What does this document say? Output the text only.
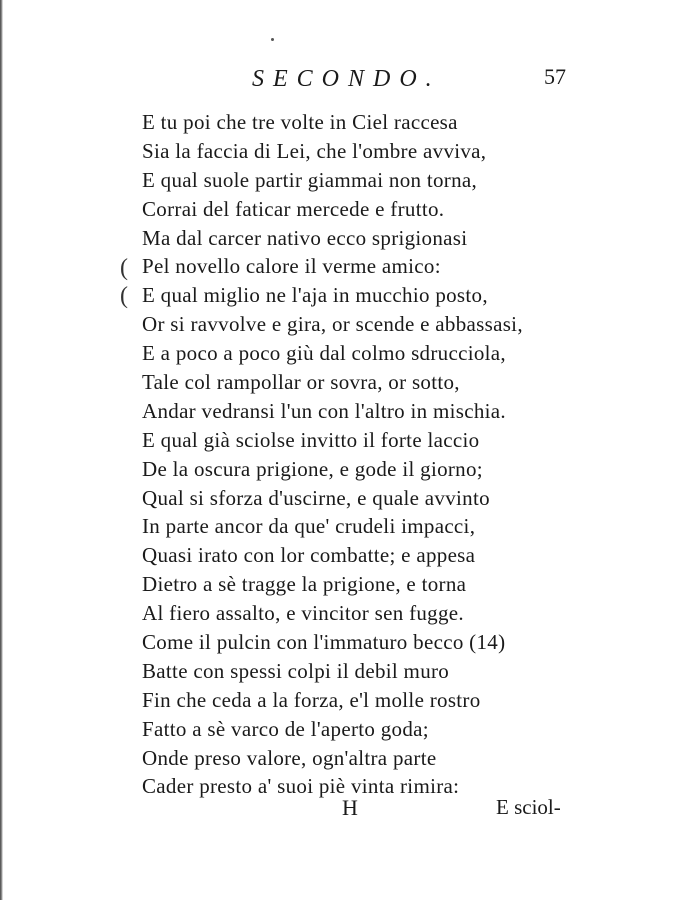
SECONDO.	57
(
(
E tu poi che tre volte in Ciel raccesa
Sia la faccia di Lei, che l'ombre avviva,
E qual suole partir giammai non torna,
Corrai del faticar mercede e frutto.
Ma dal carcer nativo ecco sprigionasi
Pel novello calore il verme amico:
E qual miglio ne l'aja in mucchio posto,
Or si ravvolve e gira, or scende e abbassasi,
E a poco a poco giù dal colmo sdrucciola,
Tale col rampollar or sovra, or sotto,
Andar vedransi l'un con l'altro in mischia.
E qual già sciolse invitto il forte laccio
De la oscura prigione, e gode il giorno;
Qual si sforza d'uscirne, e quale avvinto
In parte ancor da que' crudeli impacci,
Quasi irato con lor combatte; e appesa
Dietro a sè tragge la prigione, e torna
Al fiero assalto, e vincitor sen fugge.
Come il pulcin con l'immaturo becco (14)
Batte con spessi colpi il debil muro
Fin che ceda a la forza, e'l molle rostro
Fatto a sè varco de l'aperto goda;
Onde preso valore, ogn'altra parte
Cader presto a' suoi piè vinta rimira:
H	E sciol-
